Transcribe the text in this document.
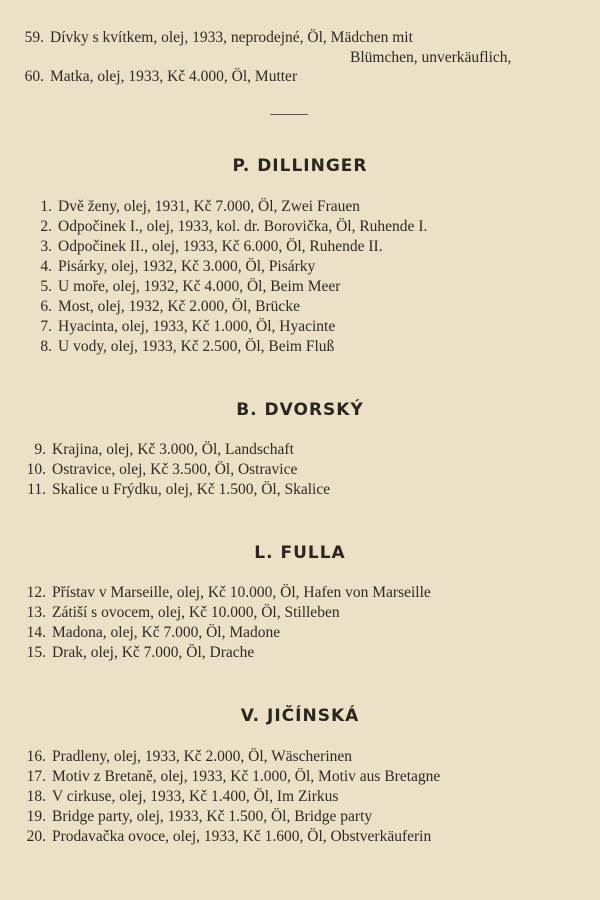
59. Dívky s kvítkem, olej, 1933, neprodejné, Öl, Mädchen mit
Blümchen, unverkäuflich,
60. Matka, olej, 1933, Kč 4.000, Öl, Mutter
P. DILLINGER
1. Dvě ženy, olej, 1931, Kč 7.000, Öl, Zwei Frauen
2. Odpočinek I., olej, 1933, kol. dr. Borovička, Öl, Ruhende I.
3. Odpočinek II., olej, 1933, Kč 6.000, Öl, Ruhende II.
4. Pisárky, olej, 1932, Kč 3.000, Öl, Pisárky
5. U moře, olej, 1932, Kč 4.000, Öl, Beim Meer
6. Most, olej, 1932, Kč 2.000, Öl, Brücke
7. Hyacinta, olej, 1933, Kč 1.000, Öl, Hyacinte
8. U vody, olej, 1933, Kč 2.500, Öl, Beim Fluß
B. DVORSKÝ
9. Krajina, olej, Kč 3.000, Öl, Landschaft
10. Ostravice, olej, Kč 3.500, Öl, Ostravice
11. Skalice u Frýdku, olej, Kč 1.500, Öl, Skalice
L. FULLA
12. Přístav v Marseille, olej, Kč 10.000, Öl, Hafen von Marseille
13. Zátiší s ovocem, olej, Kč 10.000, Öl, Stilleben
14. Madona, olej, Kč 7.000, Öl, Madone
15. Drak, olej, Kč 7.000, Öl, Drache
V. JIČÍNSKÁ
16. Pradleny, olej, 1933, Kč 2.000, Öl, Wäscherinen
17. Motiv z Bretaně, olej, 1933, Kč 1.000, Öl, Motiv aus Bretagne
18. V cirkuse, olej, 1933, Kč 1.400, Öl, Im Zirkus
19. Bridge party, olej, 1933, Kč 1.500, Öl, Bridge party
20. Prodavačka ovoce, olej, 1933, Kč 1.600, Öl, Obstverkäuferin
